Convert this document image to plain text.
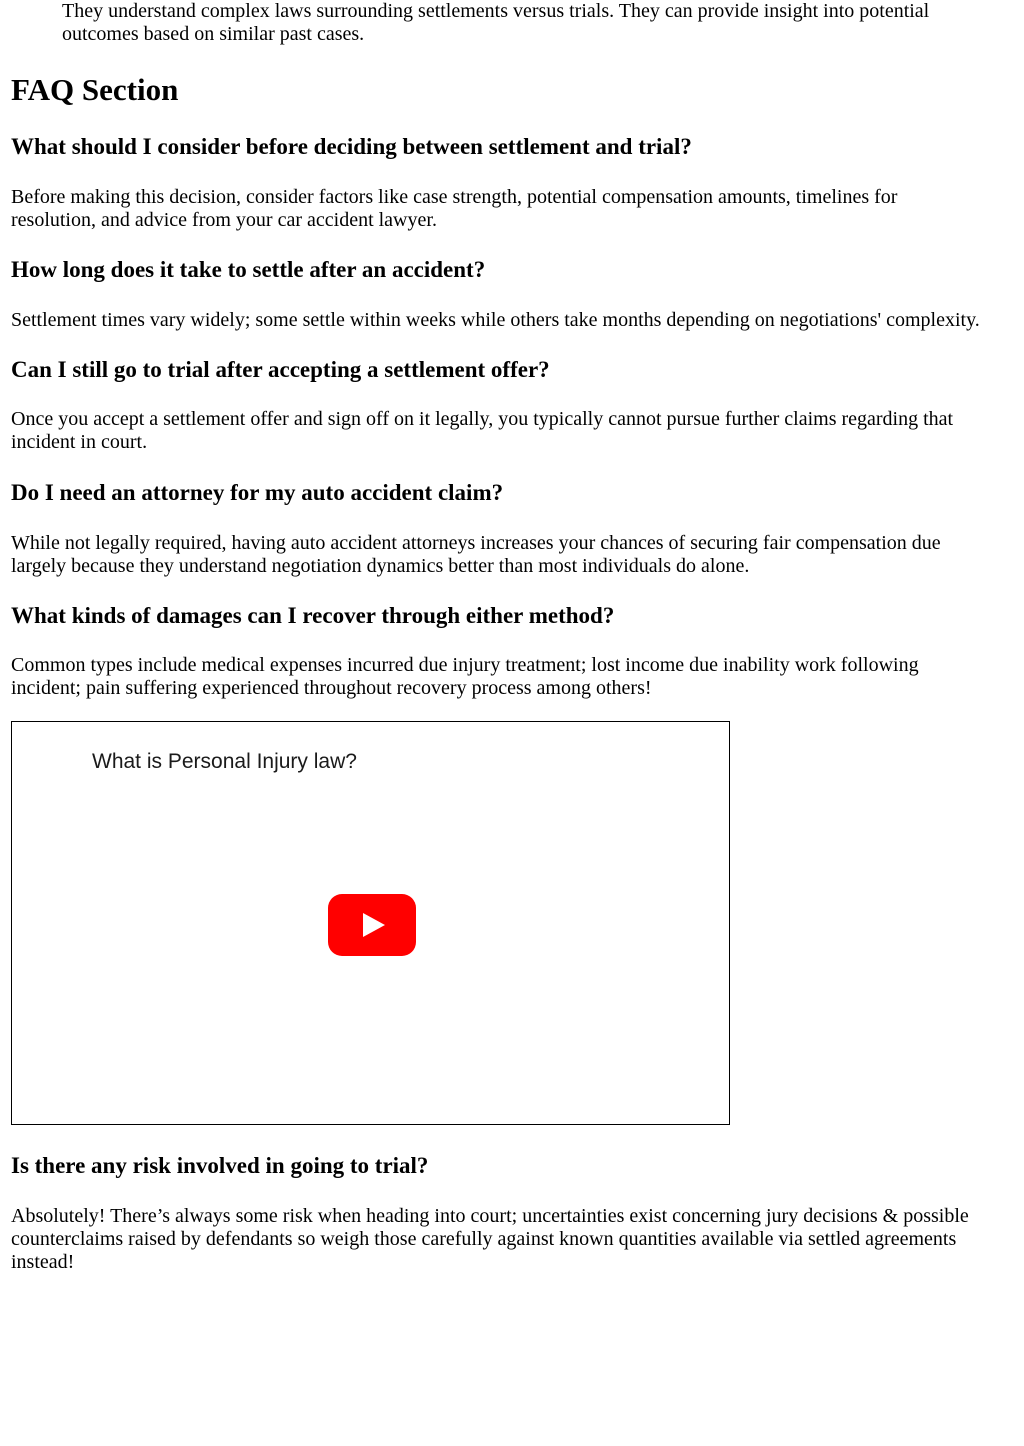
They understand complex laws surrounding settlements versus trials. They can provide insight into potential outcomes based on similar past cases.

FAQ Section
What should I consider before deciding between settlement and trial?

Before making this decision, consider factors like case strength, potential compensation amounts, timelines for resolution, and advice from your car accident lawyer.

How long does it take to settle after an accident?

Settlement times vary widely; some settle within weeks while others take months depending on negotiations' complexity.

Can I still go to trial after accepting a settlement offer?

Once you accept a settlement offer and sign off on it legally, you typically cannot pursue further claims regarding that incident in court.

Do I need an attorney for my auto accident claim?

While not legally required, having auto accident attorneys increases your chances of securing fair compensation due largely because they understand negotiation dynamics better than most individuals do alone.

What kinds of damages can I recover through either method?

Common types include medical expenses incurred due injury treatment; lost income due inability work following incident; pain suffering experienced throughout recovery process among others!

What is Personal Injury law?
Is there any risk involved in going to trial?

Absolutely! There’s always some risk when heading into court; uncertainties exist concerning jury decisions & possible counterclaims raised by defendants so weigh those carefully against known quantities available via settled agreements instead!
